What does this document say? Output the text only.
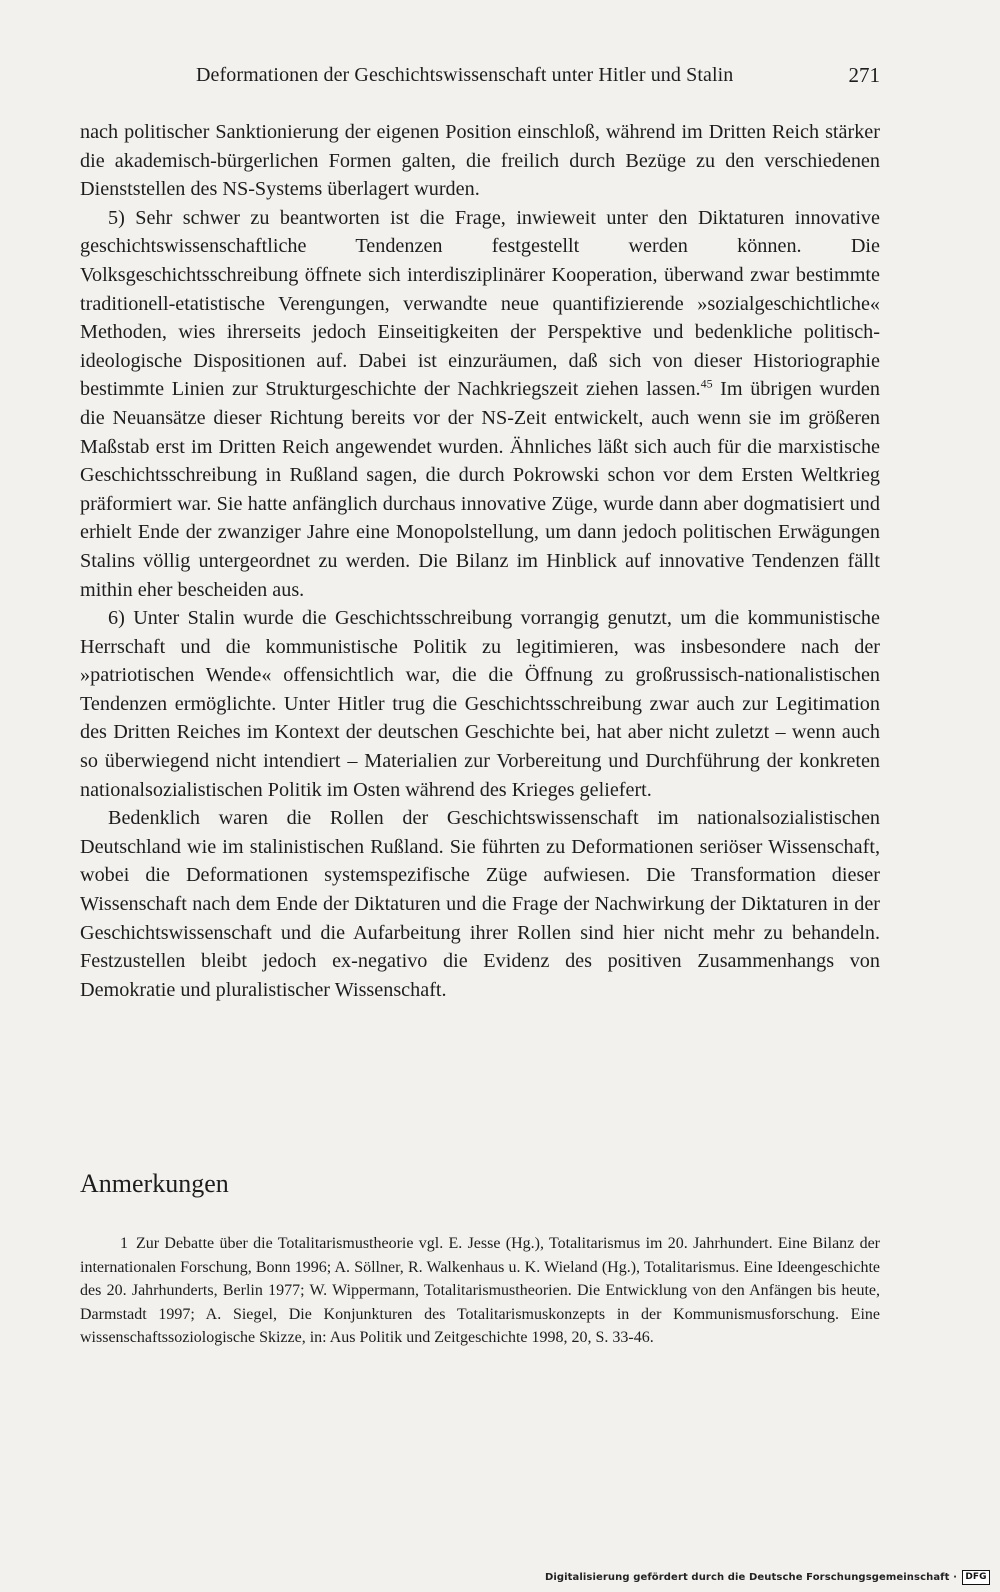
Deformationen der Geschichtswissenschaft unter Hitler und Stalin	271

nach politischer Sanktionierung der eigenen Position einschloß, während im Dritten Reich stärker die akademisch-bürgerlichen Formen galten, die freilich durch Bezüge zu den verschiedenen Dienststellen des NS-Systems überlagert wurden.

5) Sehr schwer zu beantworten ist die Frage, inwieweit unter den Diktaturen innovative geschichtswissenschaftliche Tendenzen festgestellt werden können. Die Volksgeschichtsschreibung öffnete sich interdisziplinärer Kooperation, überwand zwar bestimmte traditionell-etatistische Verengungen, verwandte neue quantifizierende »sozialgeschichtliche« Methoden, wies ihrerseits jedoch Einseitigkeiten der Perspektive und bedenkliche politisch-ideologische Dispositionen auf. Dabei ist einzuräumen, daß sich von dieser Historiographie bestimmte Linien zur Strukturgeschichte der Nachkriegszeit ziehen lassen.$^{45}$ Im übrigen wurden die Neuansätze dieser Richtung bereits vor der NS-Zeit entwickelt, auch wenn sie im größeren Maßstab erst im Dritten Reich angewendet wurden. Ähnliches läßt sich auch für die marxistische Geschichtsschreibung in Rußland sagen, die durch Pokrowski schon vor dem Ersten Weltkrieg präformiert war. Sie hatte anfänglich durchaus innovative Züge, wurde dann aber dogmatisiert und erhielt Ende der zwanziger Jahre eine Monopolstellung, um dann jedoch politischen Erwägungen Stalins völlig untergeordnet zu werden. Die Bilanz im Hinblick auf innovative Tendenzen fällt mithin eher bescheiden aus.

6) Unter Stalin wurde die Geschichtsschreibung vorrangig genutzt, um die kommunistische Herrschaft und die kommunistische Politik zu legitimieren, was insbesondere nach der »patriotischen Wende« offensichtlich war, die die Öffnung zu großrussisch-nationalistischen Tendenzen ermöglichte. Unter Hitler trug die Geschichtsschreibung zwar auch zur Legitimation des Dritten Reiches im Kontext der deutschen Geschichte bei, hat aber nicht zuletzt – wenn auch so überwiegend nicht intendiert – Materialien zur Vorbereitung und Durchführung der konkreten nationalsozialistischen Politik im Osten während des Krieges geliefert.

Bedenklich waren die Rollen der Geschichtswissenschaft im nationalsozialistischen Deutschland wie im stalinistischen Rußland. Sie führten zu Deformationen seriöser Wissenschaft, wobei die Deformationen systemspezifische Züge aufwiesen. Die Transformation dieser Wissenschaft nach dem Ende der Diktaturen und die Frage der Nachwirkung der Diktaturen in der Geschichtswissenschaft und die Aufarbeitung ihrer Rollen sind hier nicht mehr zu behandeln. Festzustellen bleibt jedoch ex-negativo die Evidenz des positiven Zusammenhangs von Demokratie und pluralistischer Wissenschaft.

Anmerkungen

1 Zur Debatte über die Totalitarismustheorie vgl. E. Jesse (Hg.), Totalitarismus im 20. Jahrhundert. Eine Bilanz der internationalen Forschung, Bonn 1996; A. Söllner, R. Walkenhaus u. K. Wieland (Hg.), Totalitarismus. Eine Ideengeschichte des 20. Jahrhunderts, Berlin 1977; W. Wippermann, Totalitarismustheorien. Die Entwicklung von den Anfängen bis heute, Darmstadt 1997; A. Siegel, Die Konjunkturen des Totalitarismuskonzepts in der Kommunismusforschung. Eine wissenschaftssoziologische Skizze, in: Aus Politik und Zeitgeschichte 1998, 20, S. 33-46.

Digitalisierung gefördert durch die Deutsche Forschungsgemeinschaft · DFG
